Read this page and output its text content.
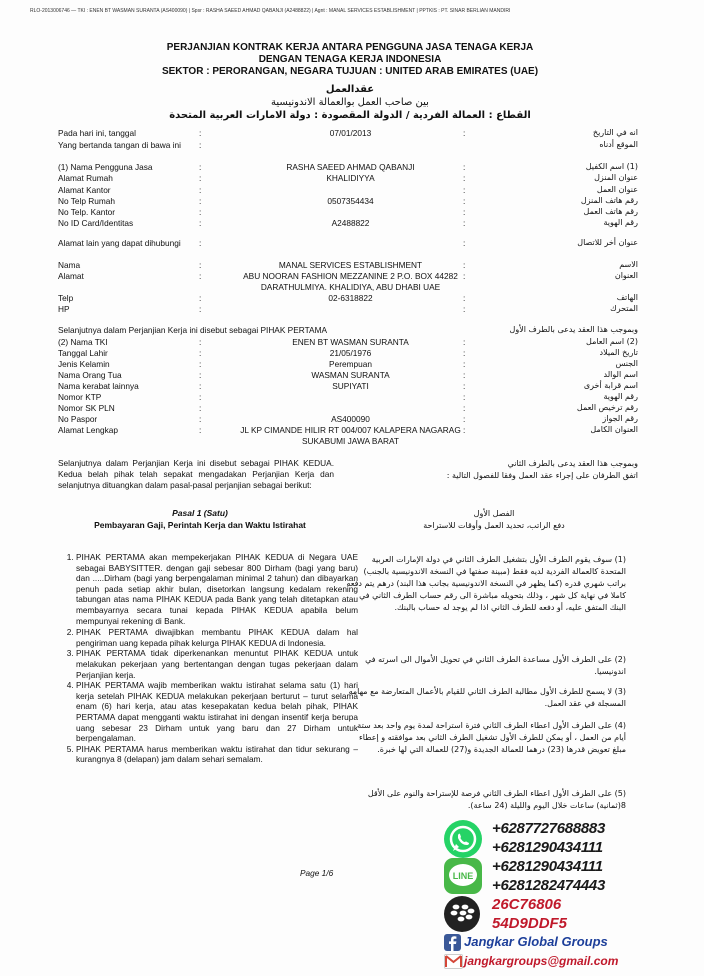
RLO-2013006746 — TKI : ENEN BT WASMAN SURANTA (AS400090) | Spsr : RASHA SAEED AHMAD QABANJI (A2488822) | Agnt : MANAL SERVICES ESTABLISHMENT | PPTKIS : PT. SINAR BERLIAN MANDIRI
PERJANJIAN KONTRAK KERJA ANTARA PENGGUNA JASA TENAGA KERJA
DENGAN TENAGA KERJA INDONESIA
SEKTOR : PERORANGAN, NEGARA TUJUAN : UNITED ARAB EMIRATES (UAE)
عقدالعمل
بين صاحب العمل بوالعمالة الاندونيسية
القطاع : العمالة الفردية / الدولة المقصودة : دولة الامارات العربية المتحدة
Pada hari ini, tanggal	:	07/01/2013	:	انه في التاريخ
Yang bertanda tangan di bawa ini	:	الموقع أدناه
(1) Nama Pengguna Jasa	:	RASHA SAEED AHMAD QABANJI	:	(1) اسم الكفيل
Alamat Rumah	:	KHALIDIYYA	:	عنوان المنزل
Alamat Kantor	:	:	عنوان العمل
No Telp Rumah	:	0507354434	:	رقم هاتف المنزل
No Telp. Kantor	:	:	رقم هاتف العمل
No ID Card/Identitas	:	A2488822	:	رقم الهوية
Alamat lain yang dapat dihubungi	:	:	عنوان أخر للاتصال
Nama	:	MANAL SERVICES ESTABLISHMENT	:	الاسم
Alamat	:	ABU NOORAN FASHION MEZZANINE 2 P.O. BOX 44282
DARATHULMIYA. KHALIDIYA, ABU DHABI UAE
:	العنوان
Telp	:	02-6318822	:	الهاتف
HP	:	:	المتحرك
Selanjutnya dalam Perjanjian Kerja ini disebut sebagai PIHAK PERTAMA	وبموجب هذا العقد يدعى بالطرف الأول
(2) Nama TKI	:	ENEN BT WASMAN SURANTA	:	(2) اسم العامل
Tanggal Lahir	:	21/05/1976	:	تاريخ الميلاد
Jenis Kelamin	:	Perempuan	:	الجنس
Nama Orang Tua	:	WASMAN SURANTA	:	اسم الوالد
Nama kerabat lainnya	:	SUPIYATI	:	اسم قرابة أخرى
Nomor KTP	:	:	رقم الهوية
Nomor SK PLN	:	:	رقم ترخيص العمل
No Paspor	:	AS400090	:	رقم الجواز
Alamat Lengkap	:	JL KP CIMANDE HILIR RT 004/007 KALAPERA NAGARAG
SUKABUMI JAWA BARAT
:	العنوان الكامل
Selanjutnya dalam Perjanjian Kerja ini disebut sebagai PIHAK KEDUA. Kedua belah pihak telah sepakat mengadakan Perjanjian Kerja dan selanjutnya dituangkan dalam pasal-pasal perjanjian sebagai berikut:
وبموجب هذا العقد يدعى بالطرف الثاني
اتفق الطرفان على إجراء عقد العمل وفقا للفصول التالية :
Pasal 1 (Satu)
Pembayaran Gaji, Perintah Kerja dan Waktu Istirahat
الفصل الأول
دفع الراتب، تحديد العمل وأوقات للاستراحة
1. PIHAK PERTAMA akan mempekerjakan PIHAK KEDUA di Negara UAE sebagai BABYSITTER. dengan gaji sebesar 800 Dirham (bagi yang baru) dan .....Dirham (bagi yang berpengalaman minimal 2 tahun) dan dibayarkan penuh pada setiap akhir bulan, disetorkan langsung kedalam rekening tabungan atas nama PIHAK KEDUA pada Bank yang telah ditetapkan atau membayarnya secara tunai kepada PIHAK KEDUA apabila belum mempunyai rekening di Bank.
2. PIHAK PERTAMA diwajibkan membantu PIHAK KEDUA dalam hal pengiriman uang kepada pihak kelurga PIHAK KEDUA di Indonesia.
3. PIHAK PERTAMA tidak diperkenankan menuntut PIHAK KEDUA untuk melakukan pekerjaan yang bertentangan dengan tugas pekerjaan dalam Perjanjian kerja.
4. PIHAK PERTAMA wajib memberikan waktu istirahat selama satu (1) hari kerja setelah PIHAK KEDUA melakukan pekerjaan berturut – turut selama enam (6) hari kerja, atau atas kesepakatan kedua belah pihak, PIHAK PERTAMA dapat mengganti waktu istirahat ini dengan insentif kerja berupa uang sebesar 23 Dirham untuk yang baru dan 27 Dirham untuk berpengalaman.
5. PIHAK PERTAMA harus memberikan waktu istirahat dan tidur sekurang – kurangnya 8 (delapan) jam dalam sehari semalam.
(1) سوف يقوم الطرف الأول بتشغيل الطرف الثاني في دولة الإمارات العربية المتحدة كالعمالة الفردية لديه فقط (مبينة صفتها في النسخة الاندونيسية بالجنب) براتب شهري قدره (كما يظهر في النسخة الاندونيسية بجانب هذا البند) درهم يتم دفعه كاملا في نهاية كل شهر ، وذلك بتحويله مباشرة الى رقم حساب الطرف الثاني في البنك المتفق عليه، أو دفعه للطرف الثاني اذا لم يوجد له حساب بالبنك.
(2) على الطرف الأول مساعدة الطرف الثاني في تحويل الأموال الى اسرته في اندونيسيا.
(3) لا يسمح للطرف الأول مطالبة الطرف الثاني للقيام بالأعمال المتعارضة مع مهامه المسجلة في عقد العمل.
(4) على الطرف الأول اعطاء الطرف الثاني فترة استراحة لمدة يوم واحد بعد ستة أيام من العمل ، أو يمكن للطرف الأول تشغيل الطرف الثاني بعد موافقته و إعطاء مبلغ تعويض قدرها (23) درهما للعمالة الجديدة و(27) للعمالة التي لها خبرة.
(5) على الطرف الأول اعطاء الطرف الثاني فرصة للإستراحة والنوم على الأقل 8(ثمانية) ساعات خلال اليوم والليلة (24 ساعة).
Page 1/6
+6287727688883
+6281290434111
LINE
+6281290434111
+6281282474443
26C76806
54D9DDF5
Jangkar Global Groups
jangkargroups@gmail.com
